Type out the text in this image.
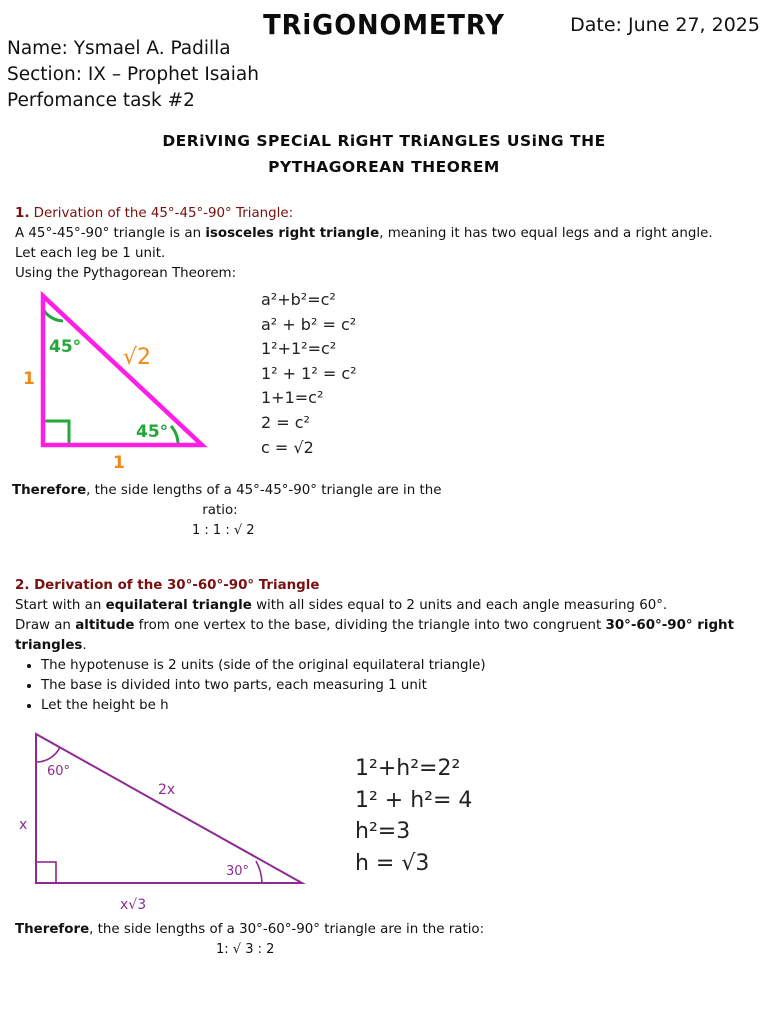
TRiGONOMETRY	Date: June 27, 2025
Name: Ysmael A. Padilla
Section: IX – Prophet Isaiah
Perfomance task #2
DERiVING SPECiAL RiGHT TRiANGLES USiNG THE
PYTHAGOREAN THEOREM
1. Derivation of the 45°-45°-90° Triangle:
A 45°-45°-90° triangle is an isosceles right triangle, meaning it has two equal legs and a right angle.
Let each leg be 1 unit.
Using the Pythagorean Theorem:
45°
45°
1
1
√2
a²+b²=c²
a² + b² = c²
1²+1²=c²
1² + 1² = c²
1+1=c²
2 = c²
c = √2
Therefore, the side lengths of a 45°-45°-90° triangle are in the
ratio:
1 : 1 : √ 2
2. Derivation of the 30°-60°-90° Triangle
Start with an equilateral triangle with all sides equal to 2 units and each angle measuring 60°.
Draw an altitude from one vertex to the base, dividing the triangle into two congruent 30°-60°-90° right
triangles.
• The hypotenuse is 2 units (side of the original equilateral triangle)
• The base is divided into two parts, each measuring 1 unit
• Let the height be h
60°
30°
2x
x
x√3
1²+h²=2²
1² + h²= 4
h²=3
h = √3
Therefore, the side lengths of a 30°-60°-90° triangle are in the ratio:
1: √ 3 : 2
